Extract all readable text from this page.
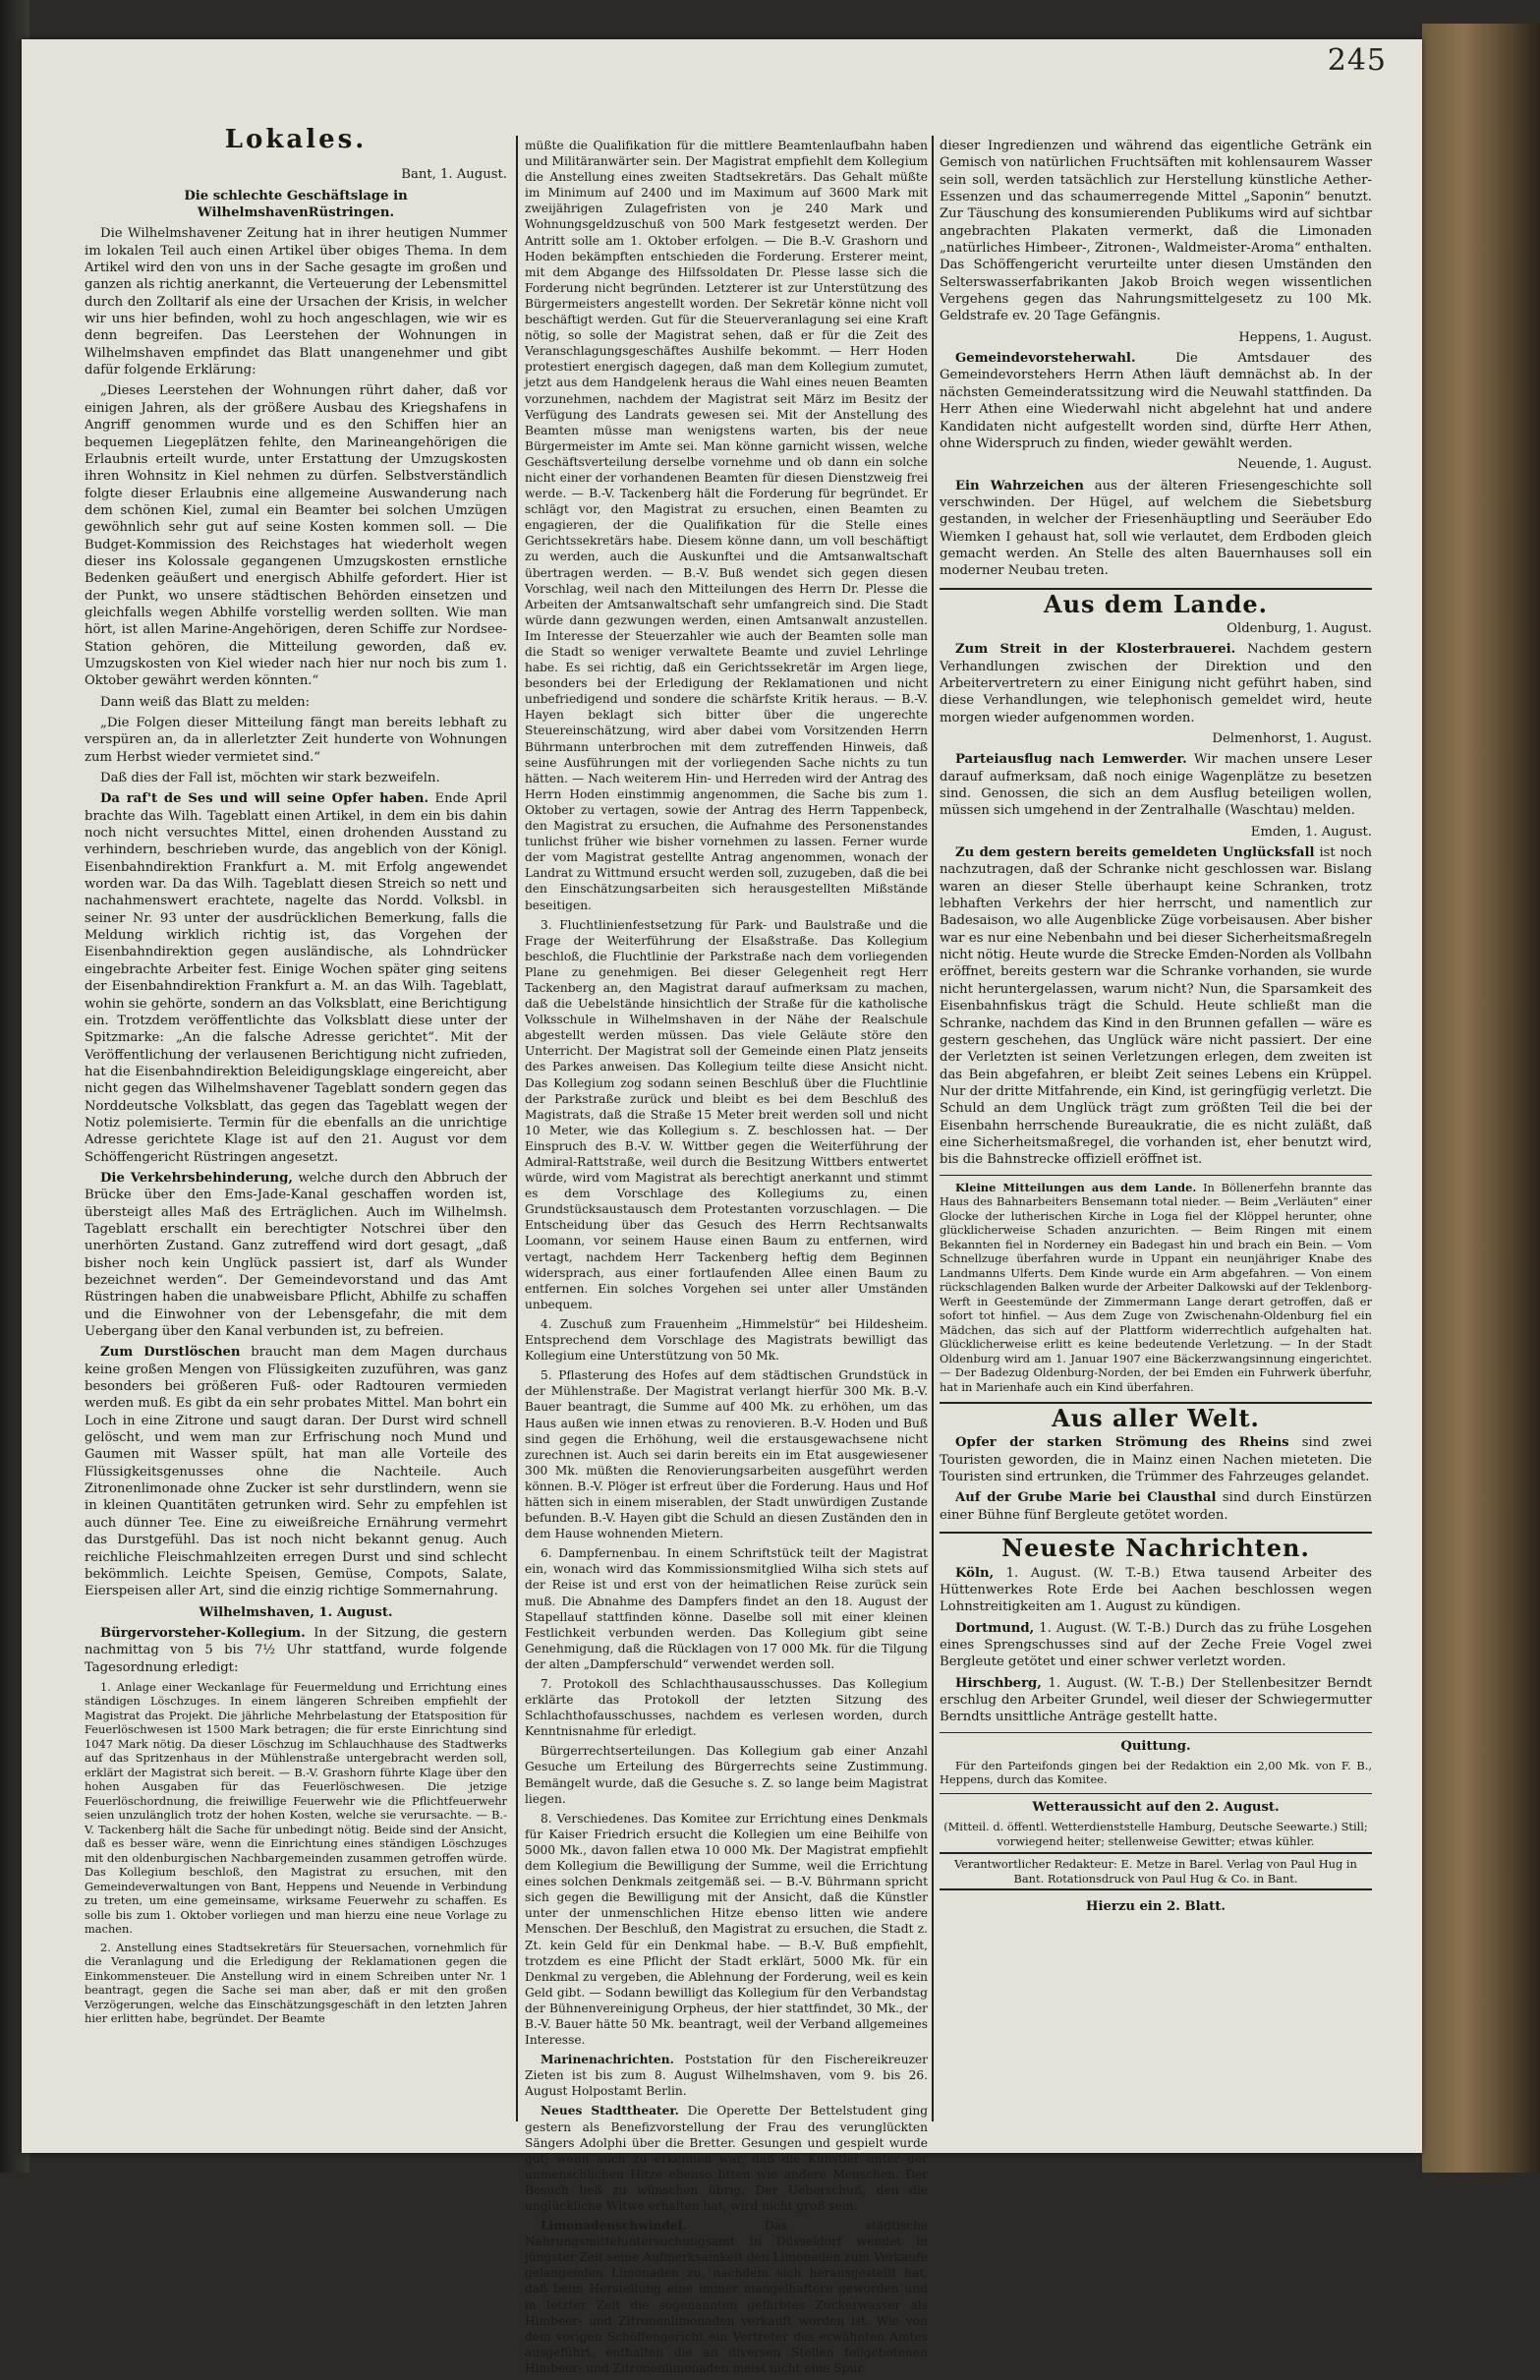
245
Lokales.

Bant, 1. August.

Die schlechte Geschäftslage in WilhelmshavenRüstringen.

Die Wilhelmshavener Zeitung hat in ihrer heutigen Nummer im lokalen Teil auch einen Artikel über obiges Thema. In dem Artikel wird den von uns in der Sache gesagte im großen und ganzen als richtig anerkannt, die Verteuerung der Lebensmittel durch den Zolltarif als eine der Ursachen der Krisis, in welcher wir uns hier befinden, wohl zu hoch angeschlagen, wie wir es denn begreifen. Das Leerstehen der Wohnungen in Wilhelmshaven empfindet das Blatt unangenehmer und gibt dafür folgende Erklärung:

„Dieses Leerstehen der Wohnungen rührt daher, daß vor einigen Jahren, als der größere Ausbau des Kriegshafens in Angriff genommen wurde und es den Schiffen hier an bequemen Liegeplätzen fehlte, den Marineangehörigen die Erlaubnis erteilt wurde, unter Erstattung der Umzugskosten ihren Wohnsitz in Kiel nehmen zu dürfen. Selbstverständlich folgte dieser Erlaubnis eine allgemeine Auswanderung nach dem schönen Kiel, zumal ein Beamter bei solchen Umzügen gewöhnlich sehr gut auf seine Kosten kommen soll. — Die Budget-Kommission des Reichstages hat wiederholt wegen dieser ins Kolossale gegangenen Umzugskosten ernstliche Bedenken geäußert und energisch Abhilfe gefordert. Hier ist der Punkt, wo unsere städtischen Behörden einsetzen und gleichfalls wegen Abhilfe vorstellig werden sollten. Wie man hört, ist allen Marine-Angehörigen, deren Schiffe zur Nordsee-Station gehören, die Mitteilung geworden, daß ev. Umzugskosten von Kiel wieder nach hier nur noch bis zum 1. Oktober gewährt werden könnten.“

Dann weiß das Blatt zu melden:

„Die Folgen dieser Mitteilung fängt man bereits lebhaft zu verspüren an, da in allerletzter Zeit hunderte von Wohnungen zum Herbst wieder vermietet sind.“

Daß dies der Fall ist, möchten wir stark bezweifeln.

Da raf't de Ses und will seine Opfer haben. Ende April brachte das Wilh. Tageblatt einen Artikel, in dem ein bis dahin noch nicht versuchtes Mittel, einen drohenden Ausstand zu verhindern, beschrieben wurde, das angeblich von der Königl. Eisenbahndirektion Frankfurt a. M. mit Erfolg angewendet worden war. Da das Wilh. Tageblatt diesen Streich so nett und nachahmenswert erachtete, nagelte das Nordd. Volksbl. in seiner Nr. 93 unter der ausdrücklichen Bemerkung, falls die Meldung wirklich richtig ist, das Vorgehen der Eisenbahndirektion gegen ausländische, als Lohndrücker eingebrachte Arbeiter fest. Einige Wochen später ging seitens der Eisenbahndirektion Frankfurt a. M. an das Wilh. Tageblatt, wohin sie gehörte, sondern an das Volksblatt, eine Berichtigung ein. Trotzdem veröffentlichte das Volksblatt diese unter der Spitzmarke: „An die falsche Adresse gerichtet“. Mit der Veröffentlichung der verlausenen Berichtigung nicht zufrieden, hat die Eisenbahndirektion Beleidigungsklage eingereicht, aber nicht gegen das Wilhelmshavener Tageblatt sondern gegen das Norddeutsche Volksblatt, das gegen das Tageblatt wegen der Notiz polemisierte. Termin für die ebenfalls an die unrichtige Adresse gerichtete Klage ist auf den 21. August vor dem Schöffengericht Rüstringen angesetzt.

Die Verkehrsbehinderung, welche durch den Abbruch der Brücke über den Ems-Jade-Kanal geschaffen worden ist, übersteigt alles Maß des Erträglichen. Auch im Wilhelmsh. Tageblatt erschallt ein berechtigter Notschrei über den unerhörten Zustand. Ganz zutreffend wird dort gesagt, „daß bisher noch kein Unglück passiert ist, darf als Wunder bezeichnet werden“. Der Gemeindevorstand und das Amt Rüstringen haben die unabweisbare Pflicht, Abhilfe zu schaffen und die Einwohner von der Lebensgefahr, die mit dem Uebergang über den Kanal verbunden ist, zu befreien.

Zum Durstlöschen braucht man dem Magen durchaus keine großen Mengen von Flüssigkeiten zuzuführen, was ganz besonders bei größeren Fuß- oder Radtouren vermieden werden muß. Es gibt da ein sehr probates Mittel. Man bohrt ein Loch in eine Zitrone und saugt daran. Der Durst wird schnell gelöscht, und wem man zur Erfrischung noch Mund und Gaumen mit Wasser spült, hat man alle Vorteile des Flüssigkeitsgenusses ohne die Nachteile. Auch Zitronenlimonade ohne Zucker ist sehr durstlindern, wenn sie in kleinen Quantitäten getrunken wird. Sehr zu empfehlen ist auch dünner Tee. Eine zu eiweißreiche Ernährung vermehrt das Durstgefühl. Das ist noch nicht bekannt genug. Auch reichliche Fleischmahlzeiten erregen Durst und sind schlecht bekömmlich. Leichte Speisen, Gemüse, Compots, Salate, Eierspeisen aller Art, sind die einzig richtige Sommernahrung.

Wilhelmshaven, 1. August.

Bürgervorsteher-Kollegium. In der Sitzung, die gestern nachmittag von 5 bis 7½ Uhr stattfand, wurde folgende Tagesordnung erledigt:

1. Anlage einer Weckanlage für Feuermeldung und Errichtung eines ständigen Löschzuges. In einem längeren Schreiben empfiehlt der Magistrat das Projekt. Die jährliche Mehrbelastung der Etatsposition für Feuerlöschwesen ist 1500 Mark betragen; die für erste Einrichtung sind 1047 Mark nötig. Da dieser Löschzug im Schlauchhause des Stadtwerks auf das Spritzenhaus in der Mühlenstraße untergebracht werden soll, erklärt der Magistrat sich bereit. — B.-V. Grashorn führte Klage über den hohen Ausgaben für das Feuerlöschwesen. Die jetzige Feuerlöschordnung, die freiwillige Feuerwehr wie die Pflichtfeuerwehr seien unzulänglich trotz der hohen Kosten, welche sie verursachte. — B.-V. Tackenberg hält die Sache für unbedingt nötig. Beide sind der Ansicht, daß es besser wäre, wenn die Einrichtung eines ständigen Löschzuges mit den oldenburgischen Nachbargemeinden zusammen getroffen würde. Das Kollegium beschloß, den Magistrat zu ersuchen, mit den Gemeindeverwaltungen von Bant, Heppens und Neuende in Verbindung zu treten, um eine gemeinsame, wirksame Feuerwehr zu schaffen. Es solle bis zum 1. Oktober vorliegen und man hierzu eine neue Vorlage zu machen.

2. Anstellung eines Stadtsekretärs für Steuersachen, vornehmlich für die Veranlagung und die Erledigung der Reklamationen gegen die Einkommensteuer. Die Anstellung wird in einem Schreiben unter Nr. 1 beantragt, gegen die Sache sei man aber, daß er mit den großen Verzögerungen, welche das Einschätzungsgeschäft in den letzten Jahren hier erlitten habe, begründet. Der Beamte

müßte die Qualifikation für die mittlere Beamtenlaufbahn haben und Militäranwärter sein. Der Magistrat empfiehlt dem Kollegium die Anstellung eines zweiten Stadtsekretärs. Das Gehalt müßte im Minimum auf 2400 und im Maximum auf 3600 Mark mit zweijährigen Zulagefristen von je 240 Mark und Wohnungsgeldzuschuß von 500 Mark festgesetzt werden. Der Antritt solle am 1. Oktober erfolgen. — Die B.-V. Grashorn und Hoden bekämpften entschieden die Forderung. Ersterer meint, mit dem Abgange des Hilfssoldaten Dr. Plesse lasse sich die Forderung nicht begründen. Letzterer ist zur Unterstützung des Bürgermeisters angestellt worden. Der Sekretär könne nicht voll beschäftigt werden. Gut für die Steuerveranlagung sei eine Kraft nötig, so solle der Magistrat sehen, daß er für die Zeit des Veranschlagungsgeschäftes Aushilfe bekommt. — Herr Hoden protestiert energisch dagegen, daß man dem Kollegium zumutet, jetzt aus dem Handgelenk heraus die Wahl eines neuen Beamten vorzunehmen, nachdem der Magistrat seit März im Besitz der Verfügung des Landrats gewesen sei. Mit der Anstellung des Beamten müsse man wenigstens warten, bis der neue Bürgermeister im Amte sei. Man könne garnicht wissen, welche Geschäftsverteilung derselbe vornehme und ob dann ein solche nicht einer der vorhandenen Beamten für diesen Dienstzweig frei werde. — B.-V. Tackenberg hält die Forderung für begründet. Er schlägt vor, den Magistrat zu ersuchen, einen Beamten zu engagieren, der die Qualifikation für die Stelle eines Gerichtssekretärs habe. Diesem könne dann, um voll beschäftigt zu werden, auch die Auskunftei und die Amtsanwaltschaft übertragen werden. — B.-V. Buß wendet sich gegen diesen Vorschlag, weil nach den Mitteilungen des Herrn Dr. Plesse die Arbeiten der Amtsanwaltschaft sehr umfangreich sind. Die Stadt würde dann gezwungen werden, einen Amtsanwalt anzustellen. Im Interesse der Steuerzahler wie auch der Beamten solle man die Stadt so weniger verwaltete Beamte und zuviel Lehrlinge habe. Es sei richtig, daß ein Gerichtssekretär im Argen liege, besonders bei der Erledigung der Reklamationen und nicht unbefriedigend und sondere die schärfste Kritik heraus. — B.-V. Hayen beklagt sich bitter über die ungerechte Steuereinschätzung, wird aber dabei vom Vorsitzenden Herrn Bührmann unterbrochen mit dem zutreffenden Hinweis, daß seine Ausführungen mit der vorliegenden Sache nichts zu tun hätten. — Nach weiterem Hin- und Herreden wird der Antrag des Herrn Hoden einstimmig angenommen, die Sache bis zum 1. Oktober zu vertagen, sowie der Antrag des Herrn Tappenbeck, den Magistrat zu ersuchen, die Aufnahme des Personenstandes tunlichst früher wie bisher vornehmen zu lassen. Ferner wurde der vom Magistrat gestellte Antrag angenommen, wonach der Landrat zu Wittmund ersucht werden soll, zuzugeben, daß die bei den Einschätzungsarbeiten sich herausgestellten Mißstände beseitigen.

3. Fluchtlinienfestsetzung für Park- und Baulstraße und die Frage der Weiterführung der Elsaßstraße. Das Kollegium beschloß, die Fluchtlinie der Parkstraße nach dem vorliegenden Plane zu genehmigen. Bei dieser Gelegenheit regt Herr Tackenberg an, den Magistrat darauf aufmerksam zu machen, daß die Uebelstände hinsichtlich der Straße für die katholische Volksschule in Wilhelmshaven in der Nähe der Realschule abgestellt werden müssen. Das viele Geläute störe den Unterricht. Der Magistrat soll der Gemeinde einen Platz jenseits des Parkes anweisen. Das Kollegium teilte diese Ansicht nicht. Das Kollegium zog sodann seinen Beschluß über die Fluchtlinie der Parkstraße zurück und bleibt es bei dem Beschluß des Magistrats, daß die Straße 15 Meter breit werden soll und nicht 10 Meter, wie das Kollegium s. Z. beschlossen hat. — Der Einspruch des B.-V. W. Wittber gegen die Weiterführung der Admiral-Rattstraße, weil durch die Besitzung Wittbers entwertet würde, wird vom Magistrat als berechtigt anerkannt und stimmt es dem Vorschlage des Kollegiums zu, einen Grundstücksaustausch dem Protestanten vorzuschlagen. — Die Entscheidung über das Gesuch des Herrn Rechtsanwalts Loomann, vor seinem Hause einen Baum zu entfernen, wird vertagt, nachdem Herr Tackenberg heftig dem Beginnen widersprach, aus einer fortlaufenden Allee einen Baum zu entfernen. Ein solches Vorgehen sei unter aller Umständen unbequem.

4. Zuschuß zum Frauenheim „Himmelstür“ bei Hildesheim. Entsprechend dem Vorschlage des Magistrats bewilligt das Kollegium eine Unterstützung von 50 Mk.

5. Pflasterung des Hofes auf dem städtischen Grundstück in der Mühlenstraße. Der Magistrat verlangt hierfür 300 Mk. B.-V. Bauer beantragt, die Summe auf 400 Mk. zu erhöhen, um das Haus außen wie innen etwas zu renovieren. B.-V. Hoden und Buß sind gegen die Erhöhung, weil die erstausgewachsene nicht zurechnen ist. Auch sei darin bereits ein im Etat ausgewiesener 300 Mk. müßten die Renovierungsarbeiten ausgeführt werden können. B.-V. Plöger ist erfreut über die Forderung. Haus und Hof hätten sich in einem miserablen, der Stadt unwürdigen Zustande befunden. B.-V. Hayen gibt die Schuld an diesen Zuständen den in dem Hause wohnenden Mietern.

6. Dampfernenbau. In einem Schriftstück teilt der Magistrat ein, wonach wird das Kommissionsmitglied Wilha sich stets auf der Reise ist und erst von der heimatlichen Reise zurück sein muß. Die Abnahme des Dampfers findet an den 18. August der Stapellauf stattfinden könne. Daselbe soll mit einer kleinen Festlichkeit verbunden werden. Das Kollegium gibt seine Genehmigung, daß die Rücklagen von 17 000 Mk. für die Tilgung der alten „Dampferschuld“ verwendet werden soll.

7. Protokoll des Schlachthausausschusses. Das Kollegium erklärte das Protokoll der letzten Sitzung des Schlachthofausschusses, nachdem es verlesen worden, durch Kenntnisnahme für erledigt.

Bürgerrechtserteilungen. Das Kollegium gab einer Anzahl Gesuche um Erteilung des Bürgerrechts seine Zustimmung. Bemängelt wurde, daß die Gesuche s. Z. so lange beim Magistrat liegen.

8. Verschiedenes. Das Komitee zur Errichtung eines Denkmals für Kaiser Friedrich ersucht die Kollegien um eine Beihilfe von 5000 Mk., davon fallen etwa 10 000 Mk. Der Magistrat empfiehlt dem Kollegium die Bewilligung der Summe, weil die Errichtung eines solchen Denkmals zeitgemäß sei. — B.-V. Bührmann spricht sich gegen die Bewilligung mit der Ansicht, daß die Künstler unter der unmenschlichen Hitze ebenso litten wie andere Menschen. Der Beschluß, den Magistrat zu ersuchen, die Stadt z. Zt. kein Geld für ein Denkmal habe. — B.-V. Buß empfiehlt, trotzdem es eine Pflicht der Stadt erklärt, 5000 Mk. für ein Denkmal zu vergeben, die Ablehnung der Forderung, weil es kein Geld gibt. — Sodann bewilligt das Kollegium für den Verbandstag der Bühnenvereinigung Orpheus, der hier stattfindet, 30 Mk., der B.-V. Bauer hätte 50 Mk. beantragt, weil der Verband allgemeines Interesse.

Marinenachrichten. Poststation für den Fischereikreuzer Zieten ist bis zum 8. August Wilhelmshaven, vom 9. bis 26. August Holpostamt Berlin.

Neues Stadttheater. Die Operette Der Bettelstudent ging gestern als Benefizvorstellung der Frau des verunglückten Sängers Adolphi über die Bretter. Gesungen und gespielt wurde gut; wenn auch zu erkennen war, daß die Künstler unter der unmenschlichen Hitze ebenso litten wie andere Menschen. Der Besuch ließ zu wünschen übrig. Der Ueberschuß, den die unglückliche Witwe erhalten hat, wird nicht groß sein.

Limonadenschwindel.	Das städtische Nahrungsmitteluntersuchungsamt in Düsseldorf wendet in jüngster Zeit seine Aufmerksamkeit den Limonaden zum Verkaufe gelangenden Limonaden zu, nachdem sich herausgestellt hat, daß beim Herstellung eine immer mangelhaftere geworden und in letzter Zeit die sogenannten gefärbtes Zuckerwasser als Himbeer- und Zitronenlimonaden verkauft worden ist. Wie von dem vorigen Schöffengericht ein Vertreter des erwähnten Amtes ausgeführt, enthalten die an diversen Stellen feilgebotenen Himbeer- und Zitronenlimonaden meist nicht eine Spur

dieser Ingredienzen und während das eigentliche Getränk ein Gemisch von natürlichen Fruchtsäften mit kohlensaurem Wasser sein soll, werden tatsächlich zur Herstellung künstliche Aether-Essenzen und das schaumerregende Mittel „Saponin“ benutzt. Zur Täuschung des konsumierenden Publikums wird auf sichtbar angebrachten Plakaten vermerkt, daß die Limonaden „natürliches Himbeer-, Zitronen-, Waldmeister-Aroma“ enthalten. Das Schöffengericht verurteilte unter diesen Umständen den Selterswasserfabrikanten Jakob Broich wegen wissentlichen Vergehens gegen das Nahrungsmittelgesetz zu 100 Mk. Geldstrafe ev. 20 Tage Gefängnis.

Heppens, 1. August.

Gemeindevorsteherwahl.	Die Amtsdauer des Gemeindevorstehers Herrn Athen läuft demnächst ab. In der nächsten Gemeinderatssitzung wird die Neuwahl stattfinden. Da Herr Athen eine Wiederwahl nicht abgelehnt hat und andere Kandidaten nicht aufgestellt worden sind, dürfte Herr Athen, ohne Widerspruch zu finden, wieder gewählt werden.

Neuende, 1. August.

Ein Wahrzeichen aus der älteren Friesengeschichte soll verschwinden. Der Hügel, auf welchem die Siebetsburg gestanden, in welcher der Friesenhäuptling und Seeräuber Edo Wiemken I gehaust hat, soll wie verlautet, dem Erdboden gleich gemacht werden. An Stelle des alten Bauernhauses soll ein moderner Neubau treten.

Aus dem Lande.

Oldenburg, 1. August.

Zum Streit in der Klosterbrauerei. Nachdem gestern Verhandlungen zwischen der Direktion und den Arbeitervertretern zu einer Einigung nicht geführt haben, sind diese Verhandlungen, wie telephonisch gemeldet wird, heute morgen wieder aufgenommen worden.

Delmenhorst, 1. August.

Parteiausflug nach Lemwerder. Wir machen unsere Leser darauf aufmerksam, daß noch einige Wagenplätze zu besetzen sind. Genossen, die sich an dem Ausflug beteiligen wollen, müssen sich umgehend in der Zentralhalle (Waschtau) melden.

Emden, 1. August.

Zu dem gestern bereits gemeldeten Unglücksfall ist noch nachzutragen, daß der Schranke nicht geschlossen war. Bislang waren an dieser Stelle überhaupt keine Schranken, trotz lebhaften Verkehrs der hier herrscht, und namentlich zur Badesaison, wo alle Augenblicke Züge vorbeisausen. Aber bisher war es nur eine Nebenbahn und bei dieser Sicherheitsmaßregeln nicht nötig. Heute wurde die Strecke Emden-Norden als Vollbahn eröffnet, bereits gestern war die Schranke vorhanden, sie wurde nicht heruntergelassen, warum nicht? Nun, die Sparsamkeit des Eisenbahnfiskus trägt die Schuld. Heute schließt man die Schranke, nachdem das Kind in den Brunnen gefallen — wäre es gestern geschehen, das Unglück wäre nicht passiert. Der eine der Verletzten ist seinen Verletzungen erlegen, dem zweiten ist das Bein abgefahren, er bleibt Zeit seines Lebens ein Krüppel. Nur der dritte Mitfahrende, ein Kind, ist geringfügig verletzt. Die Schuld an dem Unglück trägt zum größten Teil die bei der Eisenbahn herrschende Bureaukratie, die es nicht zuläßt, daß eine Sicherheitsmaßregel, die vorhanden ist, eher benutzt wird, bis die Bahnstrecke offiziell eröffnet ist.

Kleine Mitteilungen aus dem Lande. In Böllenerfehn brannte das Haus des Bahnarbeiters Bensemann total nieder. — Beim „Verläuten“ einer Glocke der lutherischen Kirche in Loga fiel der Klöppel herunter, ohne glücklicherweise Schaden anzurichten. — Beim Ringen mit einem Bekannten fiel in Norderney ein Badegast hin und brach ein Bein. — Vom Schnellzuge überfahren wurde in Uppant ein neunjähriger Knabe des Landmanns Ulferts. Dem Kinde wurde ein Arm abgefahren. — Von einem rückschlagenden Balken wurde der Arbeiter Dalkowski auf der Teklenborg-Werft in Geestemünde der Zimmermann Lange derart getroffen, daß er sofort tot hinfiel. — Aus dem Zuge von Zwischenahn-Oldenburg fiel ein Mädchen, das sich auf der Plattform widerrechtlich aufgehalten hat. Glücklicherweise erlitt es keine bedeutende Verletzung. — In der Stadt Oldenburg wird am 1. Januar 1907 eine Bäckerzwangsinnung eingerichtet. — Der Badezug Oldenburg-Norden, der bei Emden ein Fuhrwerk überfuhr, hat in Marienhafe auch ein Kind überfahren.

Aus aller Welt.

Opfer der starken Strömung des Rheins sind zwei Touristen geworden, die in Mainz einen Nachen mieteten. Die Touristen sind ertrunken, die Trümmer des Fahrzeuges gelandet.

Auf der Grube Marie bei Clausthal sind durch Einstürzen einer Bühne fünf Bergleute getötet worden.

Neueste Nachrichten.

Köln, 1. August. (W. T.-B.) Etwa tausend Arbeiter des Hüttenwerkes Rote Erde bei Aachen beschlossen wegen Lohnstreitigkeiten am 1. August zu kündigen.

Dortmund, 1. August. (W. T.-B.) Durch das zu frühe Losgehen eines Sprengschusses sind auf der Zeche Freie Vogel zwei Bergleute getötet und einer schwer verletzt worden.

Hirschberg, 1. August. (W. T.-B.) Der Stellenbesitzer Berndt erschlug den Arbeiter Grundel, weil dieser der Schwiegermutter Berndts unsittliche Anträge gestellt hatte.

Quittung.

Für den Parteifonds gingen bei der Redaktion ein 2,00 Mk. von F. B., Heppens, durch das Komitee.

Wetteraussicht auf den 2. August.

(Mitteil. d. öffentl. Wetterdienststelle Hamburg, Deutsche Seewarte.) Still; vorwiegend heiter; stellenweise Gewitter; etwas kühler.

Verantwortlicher Redakteur: E. Metze in Barel. Verlag von Paul Hug in Bant. Rotationsdruck von Paul Hug & Co. in Bant.

Hierzu ein 2. Blatt.
